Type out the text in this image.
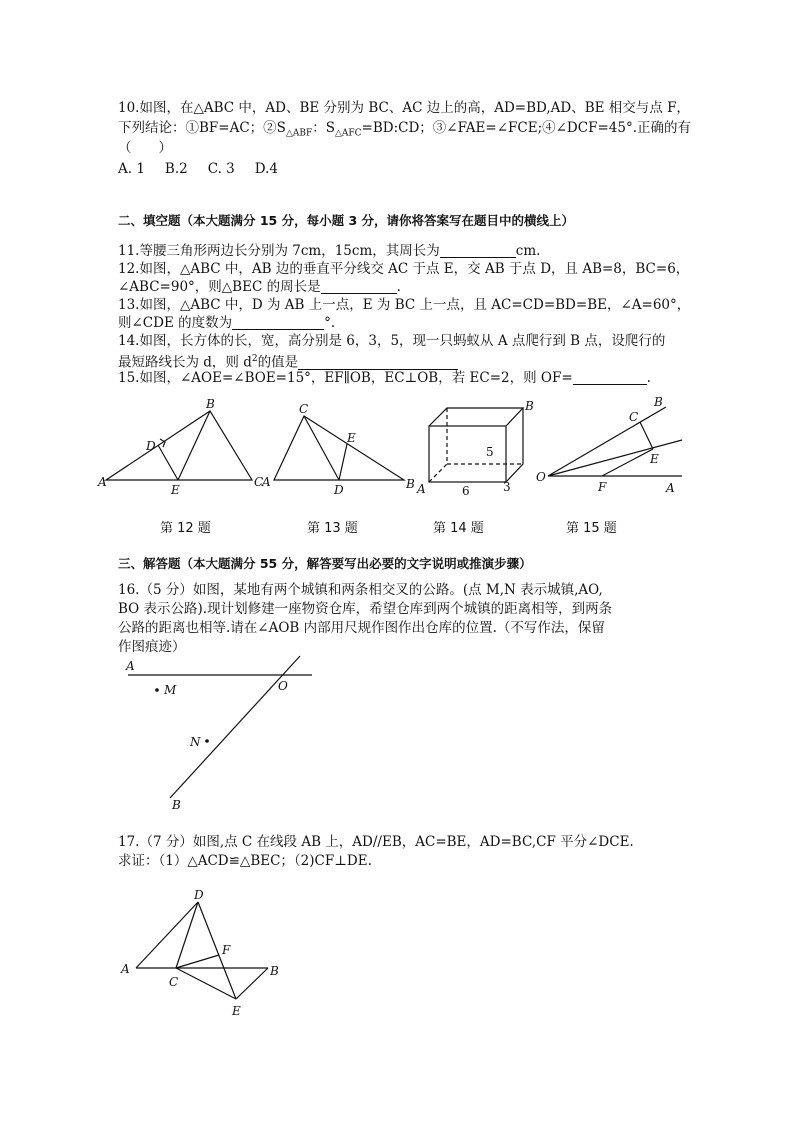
10.如图，在△ABC 中，AD、BE 分别为 BC、AC 边上的高，AD=BD,AD、BE 相交与点 F，
下列结论：①BF=AC；$②S_{\triangle ABF}$：$S_{\triangle AFC}=BD:CD$；③∠FAE=∠FCE;④∠DCF=45°.正确的有
（　　）
A. 1 B.2 C. 3 D.4
二、填空题（本大题满分 15 分，每小题 3 分，请你将答案写在题目中的横线上）
11.等腰三角形两边长分别为 7cm，15cm，其周长为	cm.
12.如图，△ABC 中，AB 边的垂直平分线交 AC 于点 E，交 AB 于点 D，且 AB=8，BC=6，
∠ABC=90°，则△BEC 的周长是	.
13.如图，△ABC 中，D 为 AB 上一点，E 为 BC 上一点，且 AC=CD=BD=BE，∠A=60°，
则∠CDE 的度数为	°.
14.如图，长方体的长，宽，高分别是 6，3，5，现一只蚂蚁从 A 点爬行到 B 点，设爬行的
最短路线长为 d，则 $d^2$的值是
15.如图，∠AOE=∠BOE=15°，EF∥OB，EC⊥OB，若 EC=2，则 OF=	.
A
B
C
D
E
A	B
C
D
E
A
B
5
6	3
O
A
B
C
E
F
第 12 题	第 13 题	第 14 题	第 15 题
三、解答题（本大题满分 55 分，解答要写出必要的文字说明或推演步骤）
16.（5 分）如图，某地有两个城镇和两条相交叉的公路。(点 M,N 表示城镇,AO,
BO 表示公路).现计划修建一座物资仓库，希望仓库到两个城镇的距离相等，到两条
公路的距离也相等.请在∠AOB 内部用尺规作图作出仓库的位置.（不写作法，保留
作图痕迹）
A
M	O
N
B
17.（7 分）如图,点 C 在线段 AB 上，AD//EB，AC=BE，AD=BC,CF 平分∠DCE.
求证：（1）△ACD≌△BEC；（2)CF⊥DE.
D
A
C
F
B
E
